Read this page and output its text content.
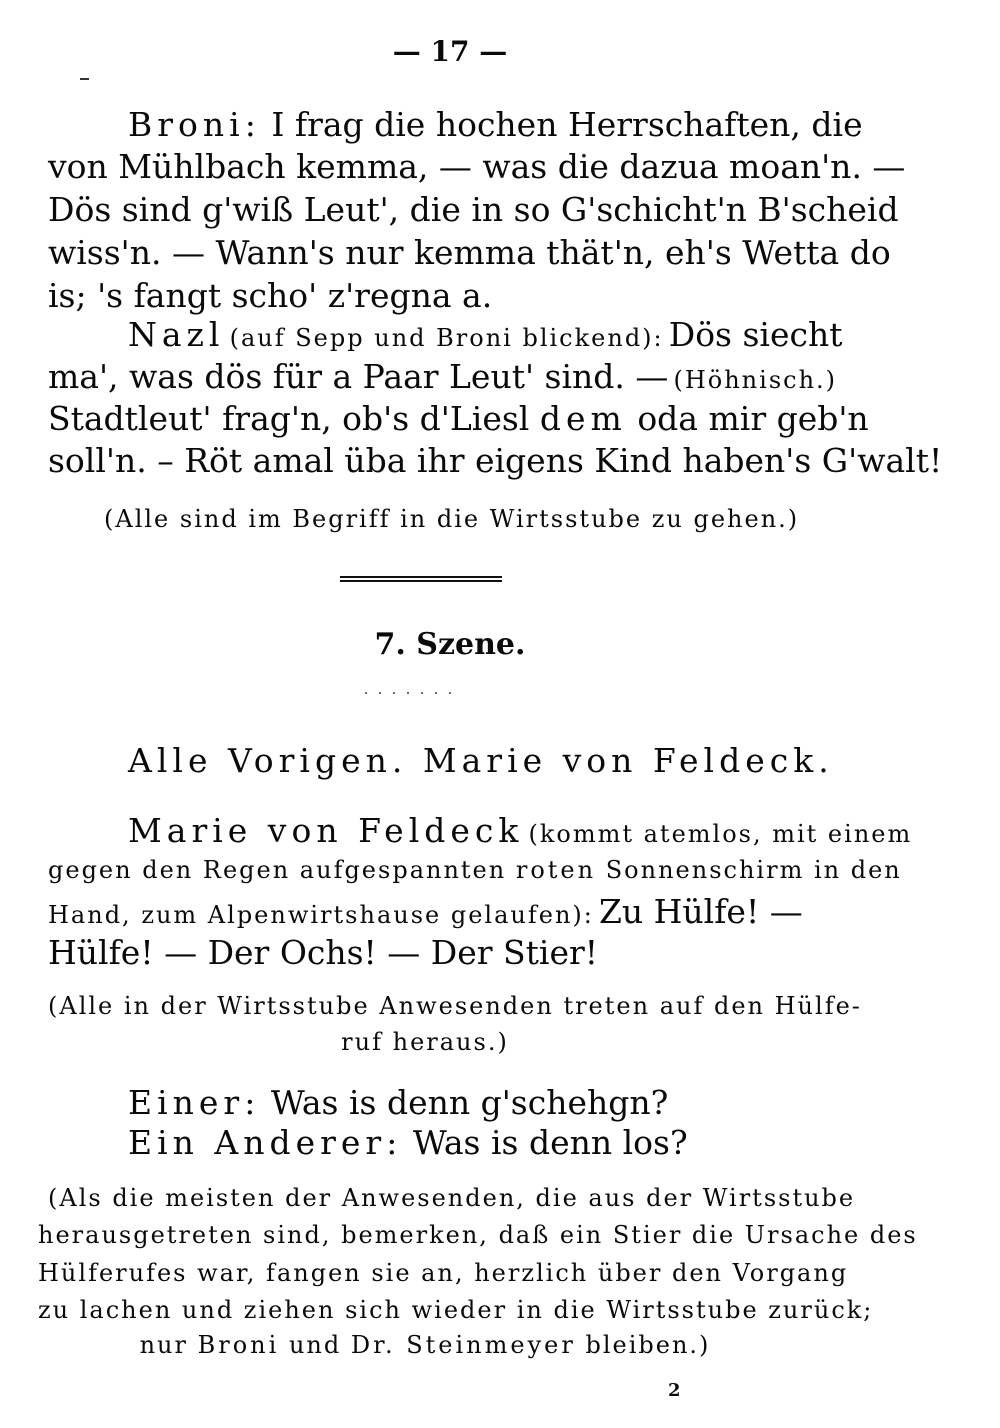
— 17 —
Broni: I frag die hochen Herrschaften, die
von Mühlbach kemma, — was die dazua moan'n. —
Dös sind g'wiß Leut', die in so G'schicht'n B'scheid
wiss'n. — Wann's nur kemma thät'n, eh's Wetta do
is; 's fangt scho' z'regna a.
Nazl (auf Sepp und Broni blickend): Dös siecht
ma', was dös für a Paar Leut' sind. — (Höhnisch.)
Stadtleut' frag'n, ob's d'Liesl dem oda mir geb'n
soll'n. – Röt amal üba ihr eigens Kind haben's G'walt!
(Alle sind im Begriff in die Wirtsstube zu gehen.)
7. Szene.
Alle Vorigen. Marie von Feldeck.
Marie von Feldeck (kommt atemlos, mit einem
gegen den Regen aufgespannten roten Sonnenschirm in den
Hand, zum Alpenwirtshause gelaufen): Zu Hülfe! —
Hülfe! — Der Ochs! — Der Stier!
(Alle in der Wirtsstube Anwesenden treten auf den Hülfe-
ruf heraus.)
Einer: Was is denn g'schehgn?
Ein Anderer: Was is denn los?
(Als die meisten der Anwesenden, die aus der Wirtsstube
herausgetreten sind, bemerken, daß ein Stier die Ursache des
Hülferufes war, fangen sie an, herzlich über den Vorgang
zu lachen und ziehen sich wieder in die Wirtsstube zurück;
nur Broni und Dr. Steinmeyer bleiben.)
2
